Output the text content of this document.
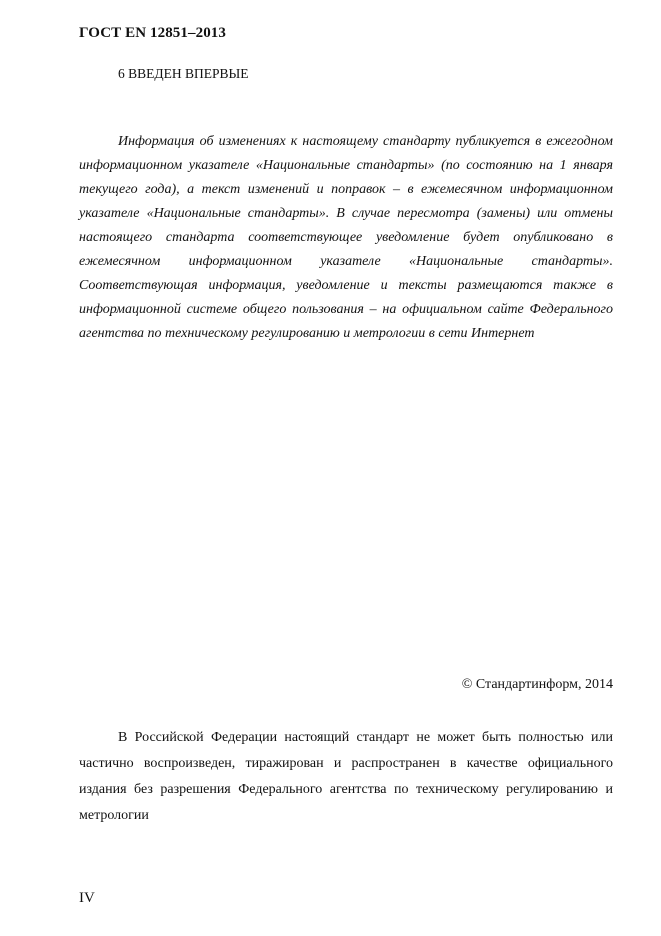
ГОСТ EN 12851–2013
6 ВВЕДЕН ВПЕРВЫЕ

Информация об изменениях к настоящему стандарту публикуется в ежегодном информационном указателе «Национальные стандарты» (по состоянию на 1 января текущего года), а текст изменений и поправок – в ежемесячном информационном указателе «Национальные стандарты». В случае пересмотра (замены) или отмены настоящего стандарта соответствующее уведомление будет опубликовано в ежемесячном информационном указателе «Национальные стандарты». Соответствующая информация, уведомление и тексты размещаются также в информационной системе общего пользования – на официальном сайте Федерального агентства по техническому регулированию и метрологии в сети Интернет

© Стандартинформ, 2014

В Российской Федерации настоящий стандарт не может быть полностью или частично воспроизведен, тиражирован и распространен в качестве официального издания без разрешения Федерального агентства по техническому регулированию и метрологии

IV
